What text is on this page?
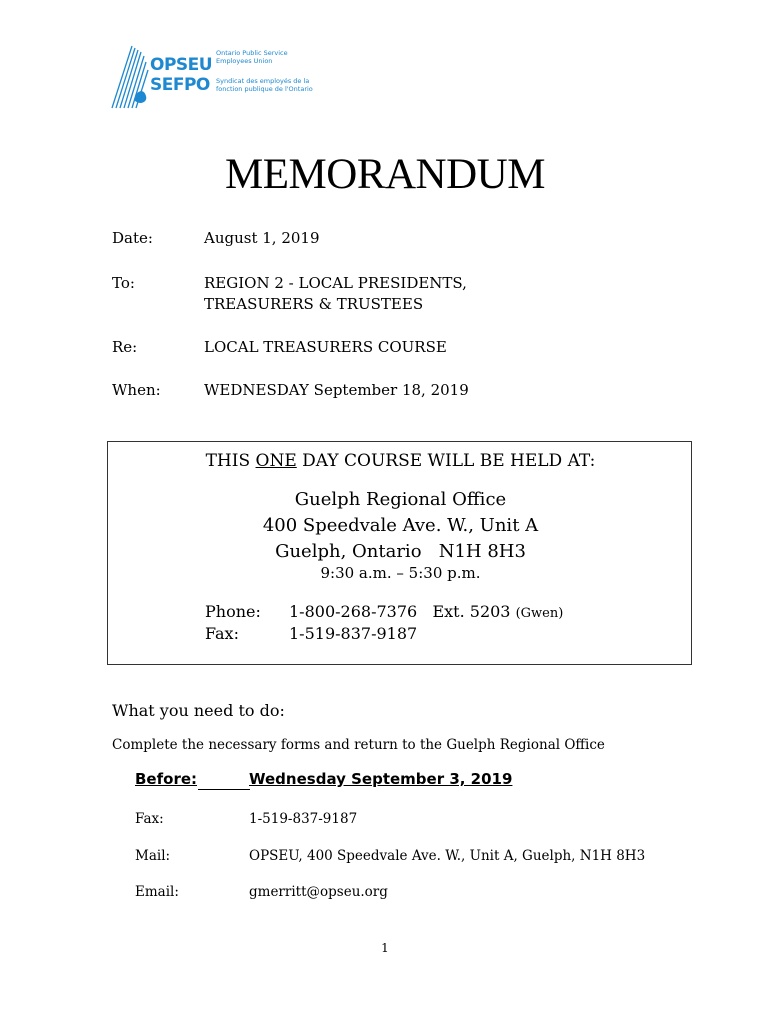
OPSEU
SEFPO
Ontario Public Service
Employees Union
Syndicat des employés de la
fonction publique de l'Ontario
MEMORANDUM
Date:	August 1, 2019
To:	REGION 2 - LOCAL PRESIDENTS,
TREASURERS & TRUSTEES
Re:	LOCAL TREASURERS COURSE
When:	WEDNESDAY September 18, 2019
THIS ONE DAY COURSE WILL BE HELD AT:
Guelph Regional Office
400 Speedvale Ave. W., Unit A
Guelph, Ontario   N1H 8H3
9:30 a.m. – 5:30 p.m.
Phone: 1-800-268-7376   Ext. 5203 (Gwen)
Fax:	1-519-837-9187
What you need to do:
Complete the necessary forms and return to the Guelph Regional Office
Before:	Wednesday September 3, 2019
Fax:	1-519-837-9187
Mail:	OPSEU, 400 Speedvale Ave. W., Unit A, Guelph, N1H 8H3
Email:	gmerritt@opseu.org
1
